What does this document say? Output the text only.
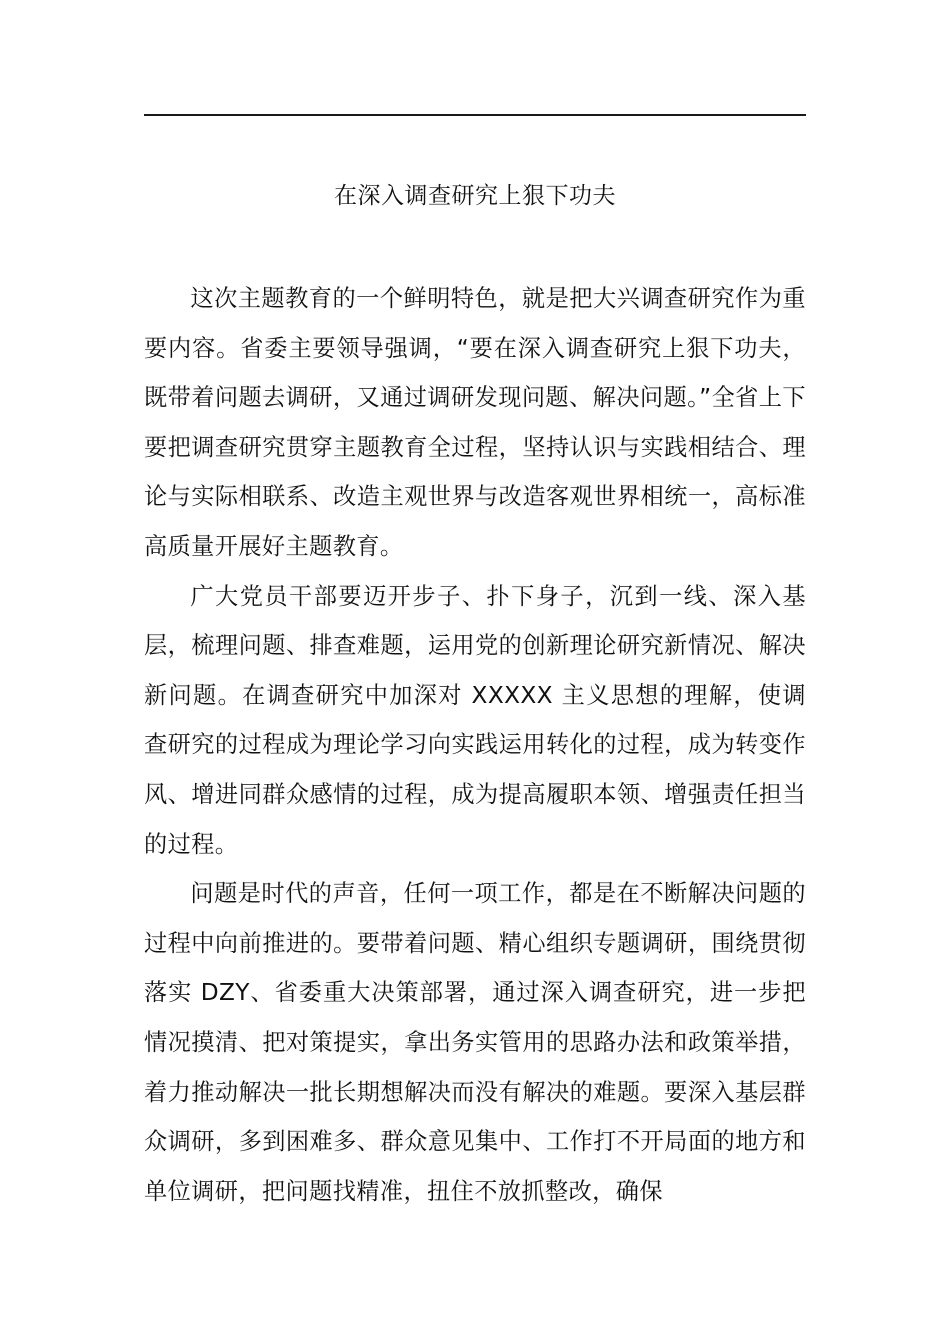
在深入调查研究上狠下功夫

这次主题教育的一个鲜明特色，就是把大兴调查研究作为重要内容。省委主要领导强调，“要在深入调查研究上狠下功夫，既带着问题去调研，又通过调研发现问题、解决问题。”全省上下要把调查研究贯穿主题教育全过程，坚持认识与实践相结合、理论与实际相联系、改造主观世界与改造客观世界相统一，高标准高质量开展好主题教育。

广大党员干部要迈开步子、扑下身子，沉到一线、深入基层，梳理问题、排查难题，运用党的创新理论研究新情况、解决新问题。在调查研究中加深对 XXXXX 主义思想的理解，使调查研究的过程成为理论学习向实践运用转化的过程，成为转变作风、增进同群众感情的过程，成为提高履职本领、增强责任担当的过程。

问题是时代的声音，任何一项工作，都是在不断解决问题的过程中向前推进的。要带着问题、精心组织专题调研，围绕贯彻落实 DZY、省委重大决策部署，通过深入调查研究，进一步把情况摸清、把对策提实，拿出务实管用的思路办法和政策举措，着力推动解决一批长期想解决而没有解决的难题。要深入基层群众调研，多到困难多、群众意见集中、工作打不开局面的地方和单位调研，把问题找精准，扭住不放抓整改，确保
